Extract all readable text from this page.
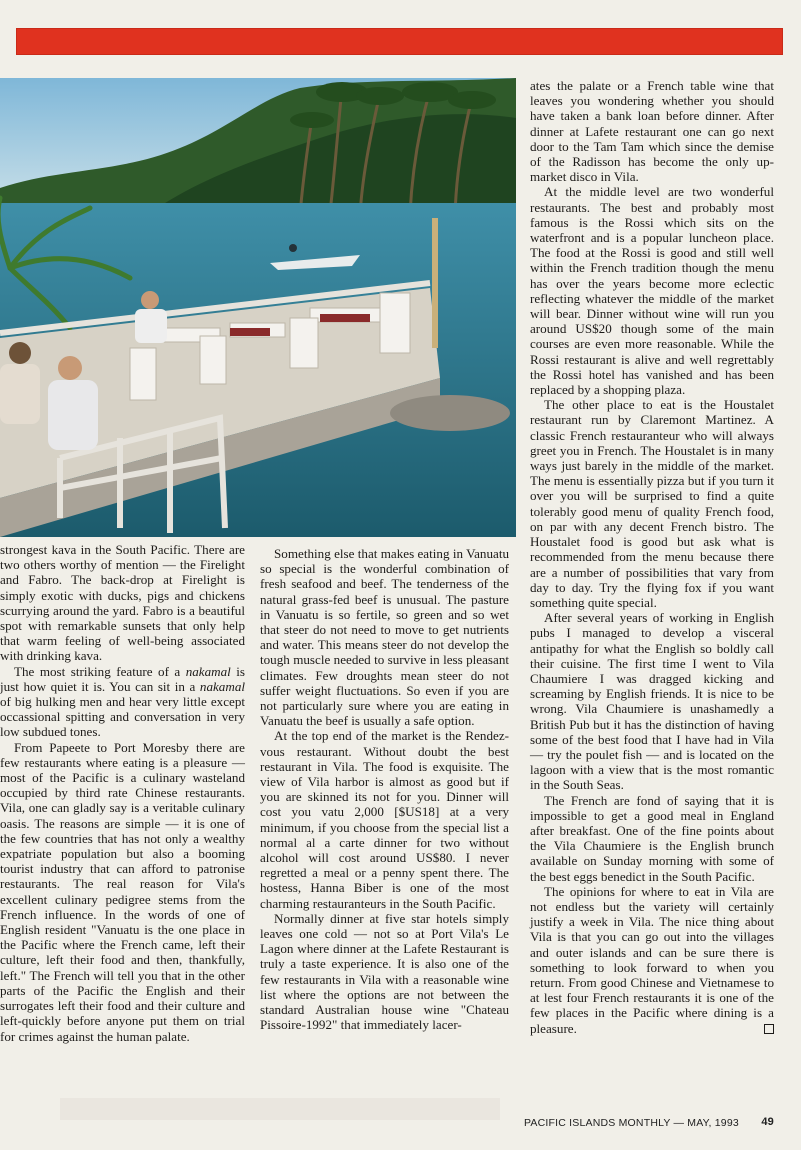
strongest kava in the South Pacific. There are two others worthy of mention — the Firelight and Fabro. The back-drop at Firelight is simply exotic with ducks, pigs and chickens scurrying around the yard. Fabro is a beautiful spot with remarkable sunsets that only help that warm feeling of well-being associated with drinking kava.

The most striking feature of a nakamal is just how quiet it is. You can sit in a nakamal of big hulking men and hear very little except occassional spitting and conversation in very low subdued tones.

From Papeete to Port Moresby there are few restaurants where eating is a pleasure — most of the Pacific is a culinary wasteland occupied by third rate Chinese restaurants. Vila, one can gladly say is a veritable culinary oasis. The reasons are simple — it is one of the few countries that has not only a wealthy expatriate population but also a booming tourist industry that can afford to patronise restaurants. The real reason for Vila's excellent culinary pedigree stems from the French influence. In the words of one of English resident "Vanuatu is the one place in the Pacific where the French came, left their culture, left their food and then, thankfully, left." The French will tell you that in the other parts of the Pacific the English and their surrogates left their food and their culture and left-quickly before anyone put them on trial for crimes against the human palate.

Something else that makes eating in Vanuatu so special is the wonderful combination of fresh seafood and beef. The tenderness of the natural grass-fed beef is unusual. The pasture in Vanuatu is so fertile, so green and so wet that steer do not need to move to get nutrients and water. This means steer do not develop the tough muscle needed to survive in less pleasant climates. Few droughts mean steer do not suffer weight fluctuations. So even if you are not particularly sure where you are eating in Vanuatu the beef is usually a safe option.

At the top end of the market is the Rendez-vous restaurant. Without doubt the best restaurant in Vila. The food is exquisite. The view of Vila harbor is almost as good but if you are skinned its not for you. Dinner will cost you vatu 2,000 [$US18] at a very minimum, if you choose from the special list a normal al a carte dinner for two without alcohol will cost around US$80. I never regretted a meal or a penny spent there. The hostess, Hanna Biber is one of the most charming restauranteurs in the South Pacific.

Normally dinner at five star hotels simply leaves one cold — not so at Port Vila's Le Lagon where dinner at the Lafete Restaurant is truly a taste experience. It is also one of the few restaurants in Vila with a reasonable wine list where the options are not between the standard Australian house wine "Chateau Pissoire-1992" that immediately lacer-

ates the palate or a French table wine that leaves you wondering whether you should have taken a bank loan before dinner. After dinner at Lafete restaurant one can go next door to the Tam Tam which since the demise of the Radisson has become the only up-market disco in Vila.

At the middle level are two wonderful restaurants. The best and probably most famous is the Rossi which sits on the waterfront and is a popular luncheon place. The food at the Rossi is good and still well within the French tradition though the menu has over the years become more eclectic reflecting whatever the middle of the market will bear. Dinner without wine will run you around US$20 though some of the main courses are even more reasonable. While the Rossi restaurant is alive and well regrettably the Rossi hotel has vanished and has been replaced by a shopping plaza.

The other place to eat is the Houstalet restaurant run by Claremont Martinez. A classic French restauranteur who will always greet you in French. The Houstalet is in many ways just barely in the middle of the market. The menu is essentially pizza but if you turn it over you will be surprised to find a quite tolerably good menu of quality French food, on par with any decent French bistro. The Houstalet food is good but ask what is recommended from the menu because there are a number of possibilities that vary from day to day. Try the flying fox if you want something quite special.

After several years of working in English pubs I managed to develop a visceral antipathy for what the English so boldly call their cuisine. The first time I went to Vila Chaumiere I was dragged kicking and screaming by English friends. It is nice to be wrong. Vila Chaumiere is unashamedly a British Pub but it has the distinction of having some of the best food that I have had in Vila — try the poulet fish — and is located on the lagoon with a view that is the most romantic in the South Seas.

The French are fond of saying that it is impossible to get a good meal in England after breakfast. One of the fine points about the Vila Chaumiere is the English brunch available on Sunday morning with some of the best eggs benedict in the South Pacific.

The opinions for where to eat in Vila are not endless but the variety will certainly justify a week in Vila. The nice thing about Vila is that you can go out into the villages and outer islands and can be sure there is something to look forward to when you return. From good Chinese and Vietnamese to at lest four French restaurants it is one of the few places in the Pacific where dining is a pleasure.

PACIFIC ISLANDS MONTHLY — MAY, 1993 49
